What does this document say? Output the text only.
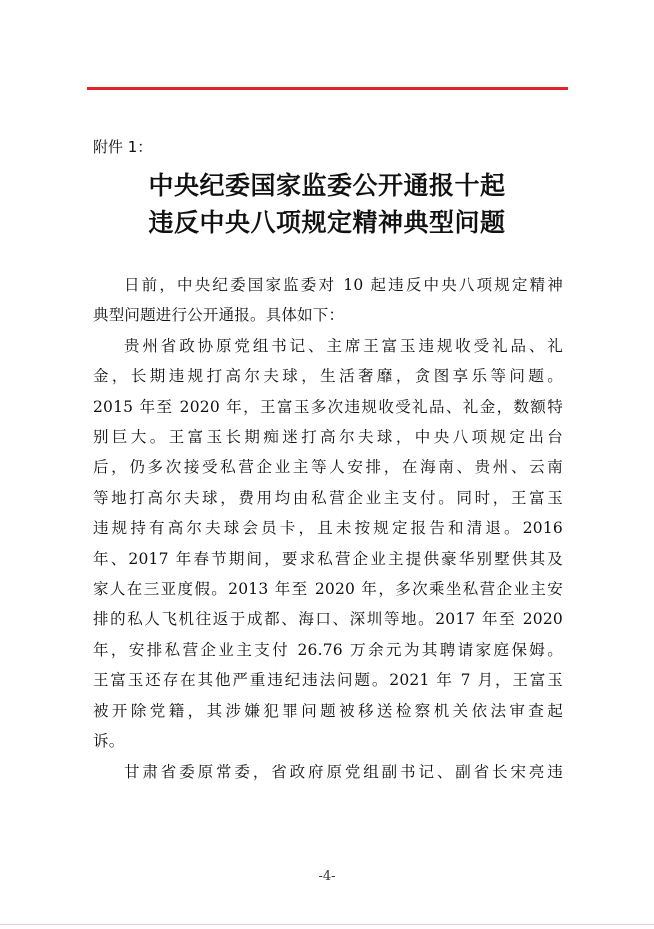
附件 1：
中央纪委国家监委公开通报十起
违反中央八项规定精神典型问题

日前，中央纪委国家监委对 10 起违反中央八项规定精神
典型问题进行公开通报。具体如下：

贵州省政协原党组书记、主席王富玉违规收受礼品、礼
金，长期违规打高尔夫球，生活奢靡，贪图享乐等问题。
2015 年至 2020 年，王富玉多次违规收受礼品、礼金，数额特
别巨大。王富玉长期痴迷打高尔夫球，中央八项规定出台
后，仍多次接受私营企业主等人安排，在海南、贵州、云南
等地打高尔夫球，费用均由私营企业主支付。同时，王富玉
违规持有高尔夫球会员卡，且未按规定报告和清退。2016
年、2017 年春节期间，要求私营企业主提供豪华别墅供其及
家人在三亚度假。2013 年至 2020 年，多次乘坐私营企业主安
排的私人飞机往返于成都、海口、深圳等地。2017 年至 2020
年，安排私营企业主支付 26.76 万余元为其聘请家庭保姆。
王富玉还存在其他严重违纪违法问题。2021 年 7 月，王富玉
被开除党籍，其涉嫌犯罪问题被移送检察机关依法审查起
诉。

甘肃省委原常委，省政府原党组副书记、副省长宋亮违

-4-
